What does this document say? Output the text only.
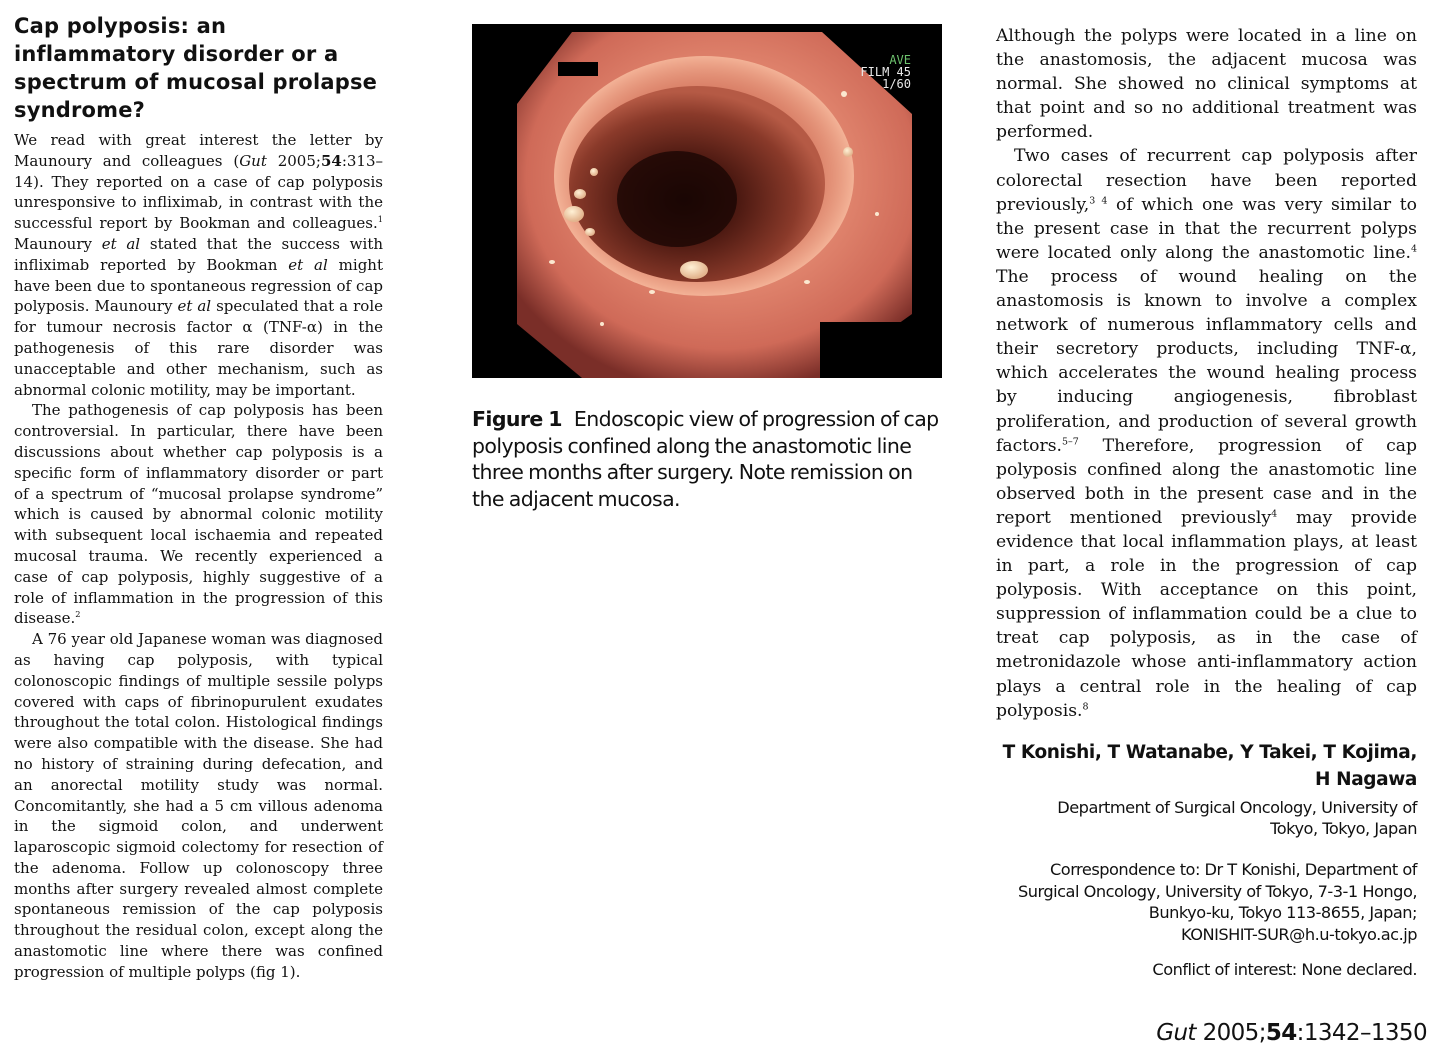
Cap polyposis: an inflammatory disorder or a spectrum of mucosal prolapse syndrome?

We read with great interest the letter by Maunoury and colleagues (Gut 2005;54:313–14). They reported on a case of cap polyposis unresponsive to infliximab, in contrast with the successful report by Bookman and colleagues.$^1$ Maunoury et al stated that the success with infliximab reported by Bookman et al might have been due to spontaneous regression of cap polyposis. Maunoury et al speculated that a role for tumour necrosis factor α (TNF-α) in the pathogenesis of this rare disorder was unacceptable and other mechanism, such as abnormal colonic motility, may be important.

The pathogenesis of cap polyposis has been controversial. In particular, there have been discussions about whether cap polyposis is a specific form of inflammatory disorder or part of a spectrum of “mucosal prolapse syndrome” which is caused by abnormal colonic motility with subsequent local ischaemia and repeated mucosal trauma. We recently experienced a case of cap polyposis, highly suggestive of a role of inflammation in the progression of this disease.$^2$

A 76 year old Japanese woman was diagnosed as having cap polyposis, with typical colonoscopic findings of multiple sessile polyps covered with caps of fibrinopurulent exudates throughout the total colon. Histological findings were also compatible with the disease. She had no history of straining during defecation, and an anorectal motility study was normal. Concomitantly, she had a 5 cm villous adenoma in the sigmoid colon, and underwent laparoscopic sigmoid colectomy for resection of the adenoma. Follow up colonoscopy three months after surgery revealed almost complete spontaneous remission of the cap polyposis throughout the residual colon, except along the anastomotic line where there was confined progression of multiple polyps (fig 1).

AVE
FILM 45
1/60
Figure 1 Endoscopic view of progression of cap polyposis confined along the anastomotic line three months after surgery. Note remission on the adjacent mucosa.

Although the polyps were located in a line on the anastomosis, the adjacent mucosa was normal. She showed no clinical symptoms at that point and so no additional treatment was performed.

Two cases of recurrent cap polyposis after colorectal resection have been reported previously,$^{3 4}$ of which one was very similar to the present case in that the recurrent polyps were located only along the anastomotic line.$^4$ The process of wound healing on the anastomosis is known to involve a complex network of numerous inflammatory cells and their secretory products, including TNF-α, which accelerates the wound healing process by inducing angiogenesis, fibroblast proliferation, and production of several growth factors.$^{5-7}$ Therefore, progression of cap polyposis confined along the anastomotic line observed both in the present case and in the report mentioned previously$^4$ may provide evidence that local inflammation plays, at least in part, a role in the progression of cap polyposis. With acceptance on this point, suppression of inflammation could be a clue to treat cap polyposis, as in the case of metronidazole whose anti-inflammatory action plays a central role in the healing of cap polyposis.$^8$

T Konishi, T Watanabe, Y Takei, T Kojima,
H Nagawa
Department of Surgical Oncology, University of
Tokyo, Tokyo, Japan
Correspondence to: Dr T Konishi, Department of
Surgical Oncology, University of Tokyo, 7-3-1 Hongo,
Bunkyo-ku, Tokyo 113-8655, Japan;
KONISHIT-SUR@h.u-tokyo.ac.jp
Conflict of interest: None declared.
Gut 2005;54:1342–1350
